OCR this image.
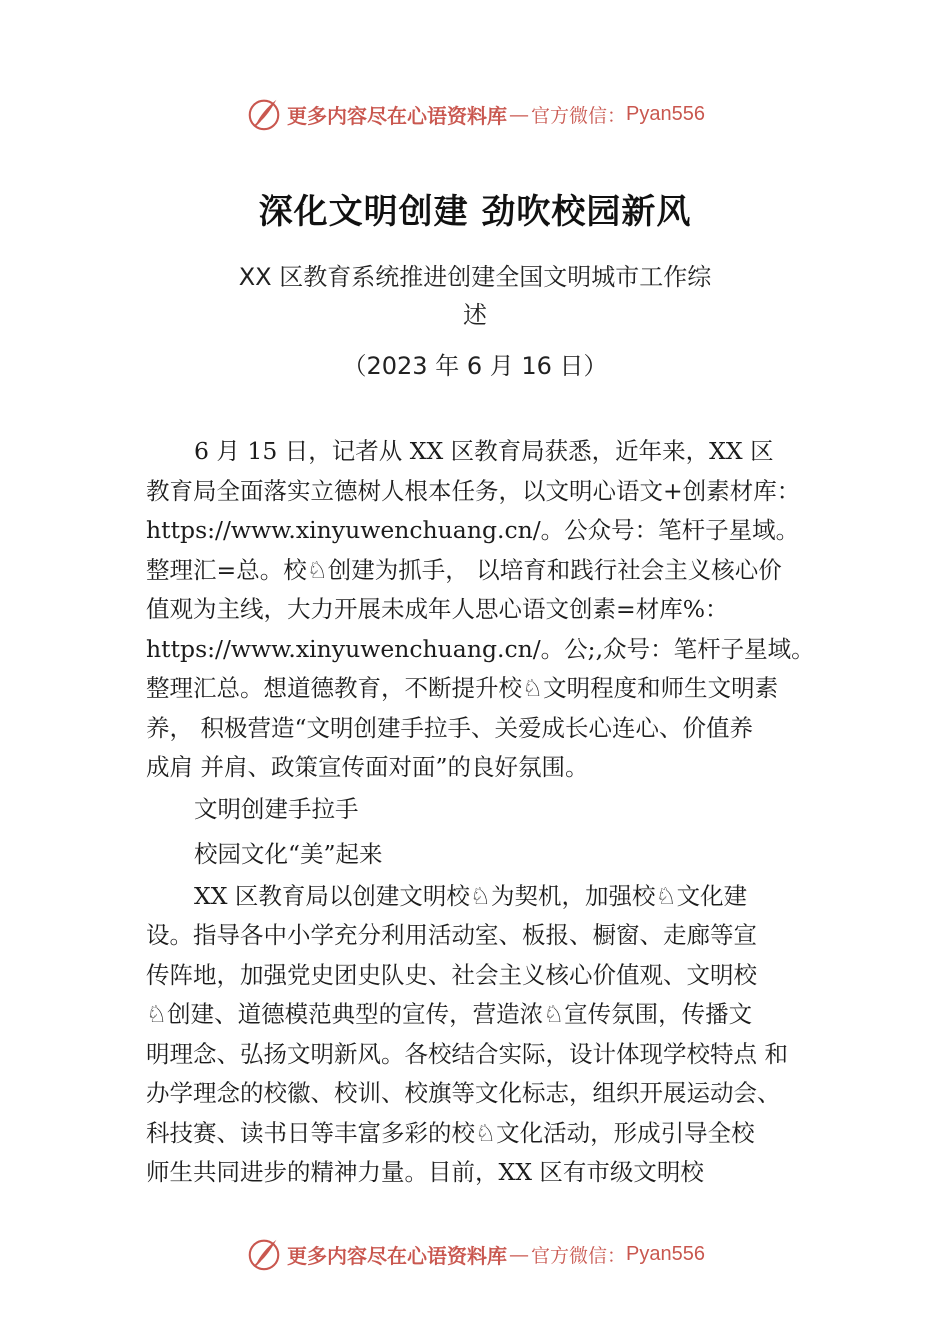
更多内容尽在心语资料库 — 官方微信： Pyan556
深化文明创建 劲吹校园新风
XX 区教育系统推进创建全国文明城市工作综
述

（2023 年 6 月 16 日）

6 月 15 日，记者从 XX 区教育局获悉，近年来，XX 区
教育局全面落实立德树人根本任务，以文明心语文+创素材库：
https://www.xinyuwenchuang.cn/。公众号：笔杆子星域。
整理汇=总。校♘创建为抓手， 以培育和践行社会主义核心价
值观为主线，大力开展未成年人思心语文创素=材库%：
https://www.xinyuwenchuang.cn/。公;,众号：笔杆子星域。
整理汇总。想道德教育，不断提升校♘文明程度和师生文明素
养， 积极营造“文明创建手拉手、关爱成长心连心、价值养
成肩 并肩、政策宣传面对面”的良好氛围。

文明创建手拉手

校园文化“美”起来

XX 区教育局以创建文明校♘为契机，加强校♘文化建
设。指导各中小学充分利用活动室、板报、橱窗、走廊等宣
传阵地，加强党史团史队史、社会主义核心价值观、文明校
♘创建、道德模范典型的宣传，营造浓♘宣传氛围，传播文
明理念、弘扬文明新风。各校结合实际，设计体现学校特点 和
办学理念的校徽、校训、校旗等文化标志，组织开展运动会、
科技赛、读书日等丰富多彩的校♘文化活动，形成引导全校
师生共同进步的精神力量。目前，XX 区有市级文明校

更多内容尽在心语资料库 — 官方微信： Pyan556
